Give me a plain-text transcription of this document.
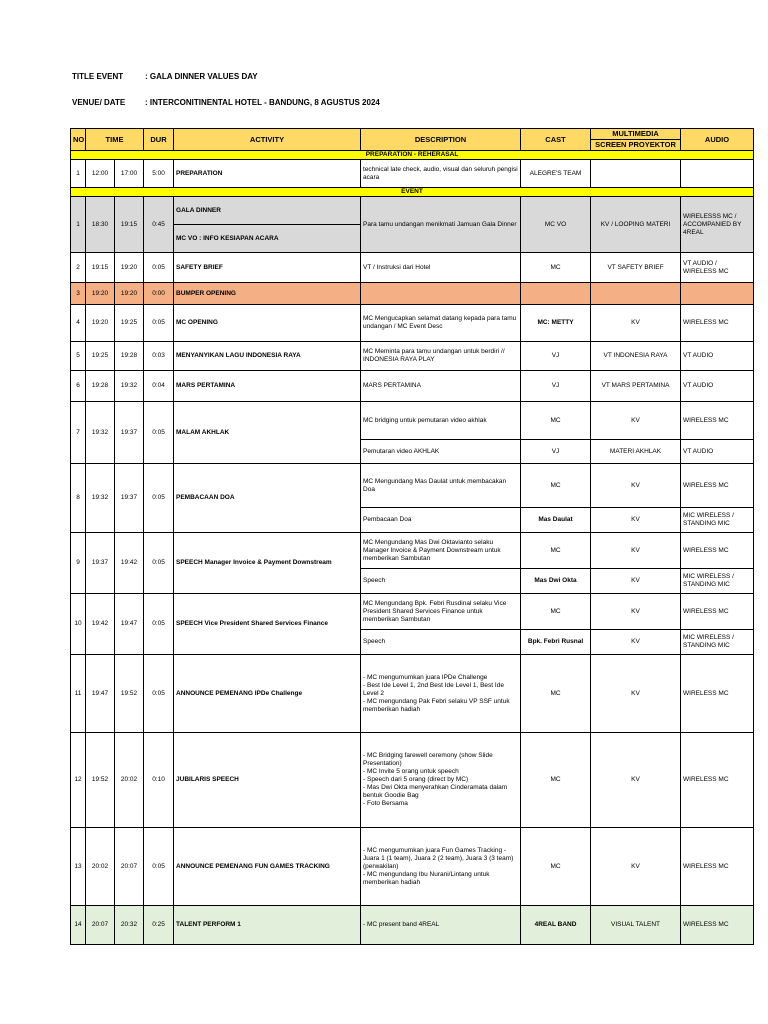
TITLE EVENT	: GALA DINNER VALUES DAY
VENUE/ DATE : INTERCONITINENTAL HOTEL - BANDUNG, 8 AGUSTUS 2024
NO	TIME		DUR	ACTIVITY	DESCRIPTION	CAST	MULTIMEDIA	AUDIO
							SCREEN PROYEKTOR	
PREPARATION - REHERASAL								
1	12:00	17:00	5:00	PREPARATION	technical late check, audio, visual dan seluruh pengisi acara	ALEGRE'S TEAM		
EVENT								
1	18:30	19:15	0:45	GALA DINNER	Para tamu undangan menikmati Jamuan Gala Dinner	MC VO	KV / LOOPING MATERI	WIRELESSS MC / ACCOMPANIED BY 4REAL
				MC VO : INFO KESIAPAN ACARA				
2	19:15	19:20	0:05	SAFETY BRIEF	VT / Instruksi dari Hotel	MC	VT SAFETY BRIEF	VT AUDIO / WIRELESS MC
3	19:20	19:20	0:00	BUMPER OPENING				
4	19:20	19:25	0:05	MC OPENING	MC Mengucapkan selamat datang kepada para tamu undangan / MC Event Desc	MC: METTY	KV	WIRELESS MC
5	19:25	19:28	0:03	MENYANYIKAN LAGU INDONESIA RAYA	MC Meminta para tamu undangan untuk berdiri // INDONESIA RAYA PLAY	VJ	VT INDONESIA RAYA	VT AUDIO
6	19:28	19:32	0:04	MARS PERTAMINA	MARS PERTAMINA	VJ	VT MARS PERTAMINA	VT AUDIO
7	19:32	19:37	0:05	MALAM AKHLAK	MC bridging untuk pemutaran video akhlak	MC	KV	WIRELESS MC
					Pemutaran video AKHLAK	VJ	MATERI AKHLAK	VT AUDIO
8	19:32	19:37	0:05	PEMBACAAN DOA	MC Mengundang Mas Daulat untuk membacakan Doa	MC	KV	WIRELESS MC
					Pembacaan Doa	Mas Daulat	KV	MIC WIRELESS / STANDING MIC
9	19:37	19:42	0:05	SPEECH Manager Invoice & Payment Downstream	MC Mengundang Mas Dwi Oktavianto selaku Manager Invoice & Payment Downstream untuk memberikan Sambutan	MC	KV	WIRELESS MC
					Speech	Mas Dwi Okta	KV	MIC WIRELESS / STANDING MIC
10	19:42	19:47	0:05	SPEECH Vice President Shared Services Finance	MC Mengundang Bpk. Febri Rusdinal selaku Vice President Shared Services Finance untuk memberikan Sambutan	MC	KV	WIRELESS MC
					Speech	Bpk. Febri Rusnal	KV	MIC WIRELESS / STANDING MIC
11	19:47	19:52	0:05	ANNOUNCE PEMENANG IPDe Challenge	- MC mengumumkan juara IPDe Challenge
- Best Ide Level 1, 2nd Best Ide Level 1, Best Ide Level 2
- MC mengundang Pak Febri selaku VP SSF untuk memberikan hadiah	MC	KV	WIRELESS MC
12	19:52	20:02	0:10	JUBILARIS SPEECH	- MC Bridging farewell ceremony (show Slide Presentation)
- MC Invite 5 orang untuk speech
- Speech dari 5 orang (direct by MC)
- Mas Dwi Okta menyerahkan Cinderamata dalam bentuk Goodie Bag
- Foto Bersama	MC	KV	WIRELESS MC
13	20:02	20:07	0:05	ANNOUNCE PEMENANG FUN GAMES TRACKING	- MC mengumumkan juara Fun Games Tracking - Juara 1 (1 team), Juara 2 (2 team), Juara 3 (3 team) (perwakilan)
- MC mengundang Ibu Nurani/Lintang untuk memberikan hadiah	MC	KV	WIRELESS MC
14	20:07	20:32	0:25	TALENT PERFORM 1	- MC present band 4REAL	4REAL BAND	VISUAL TALENT	WIRELESS MC
